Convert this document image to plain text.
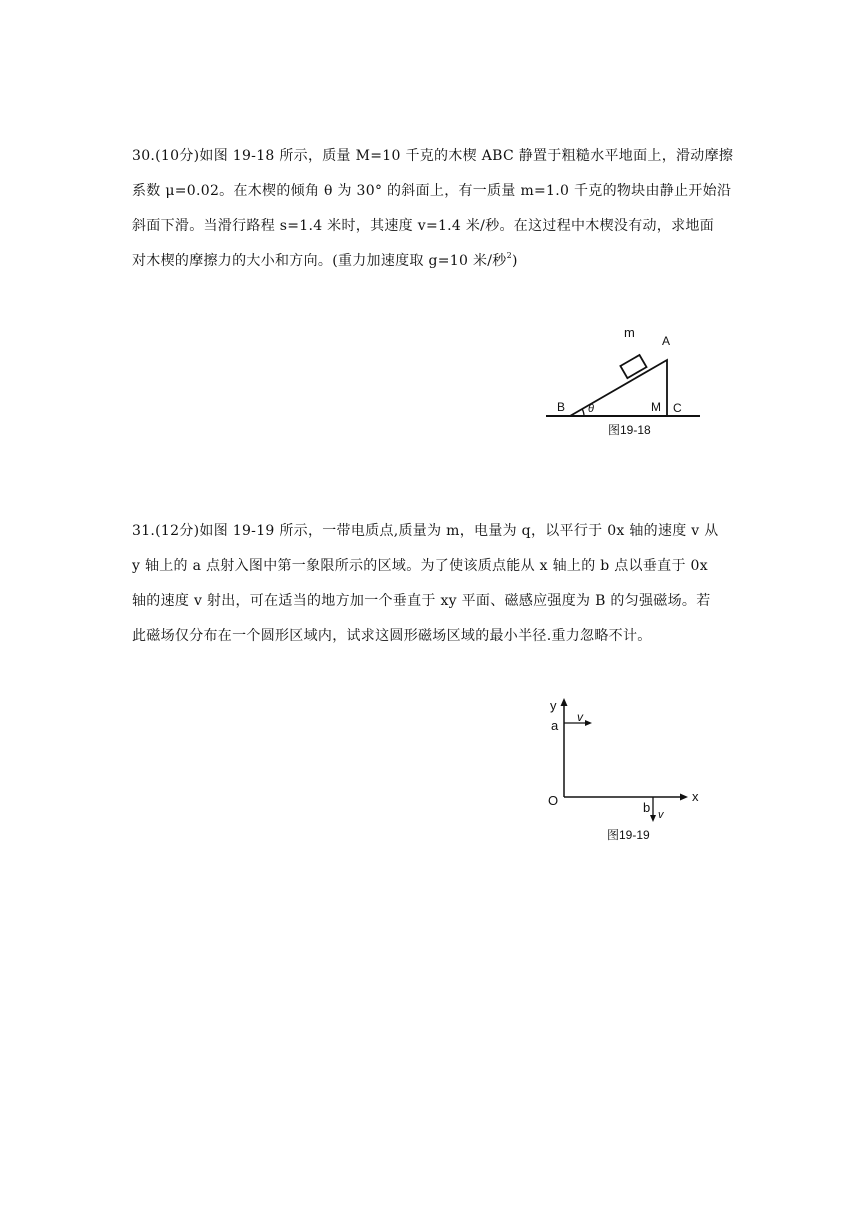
30.(10分)如图 19-18 所示，质量 M=10 千克的木楔 ABC 静置于粗糙水平地面上，滑动摩擦
系数 μ=0.02。在木楔的倾角 θ 为 30° 的斜面上，有一质量 m=1.0 千克的物块由静止开始沿
斜面下滑。当滑行路程 s=1.4 米时，其速度 v=1.4 米/秒。在这过程中木楔没有动，求地面
对木楔的摩擦力的大小和方向。(重力加速度取 g=10 米/秒$^2$)
m
A
B θ	M C
图19-18
31.(12分)如图 19-19 所示，一带电质点,质量为 m，电量为 q，以平行于 0x 轴的速度 v 从
y 轴上的 a 点射入图中第一象限所示的区域。为了使该质点能从 x 轴上的 b 点以垂直于 0x
轴的速度 v 射出，可在适当的地方加一个垂直于 xy 平面、磁感应强度为 B 的匀强磁场。若
此磁场仅分布在一个圆形区域内，试求这圆形磁场区域的最小半径.重力忽略不计。
y
x
v
a
O	b v
图19-19
